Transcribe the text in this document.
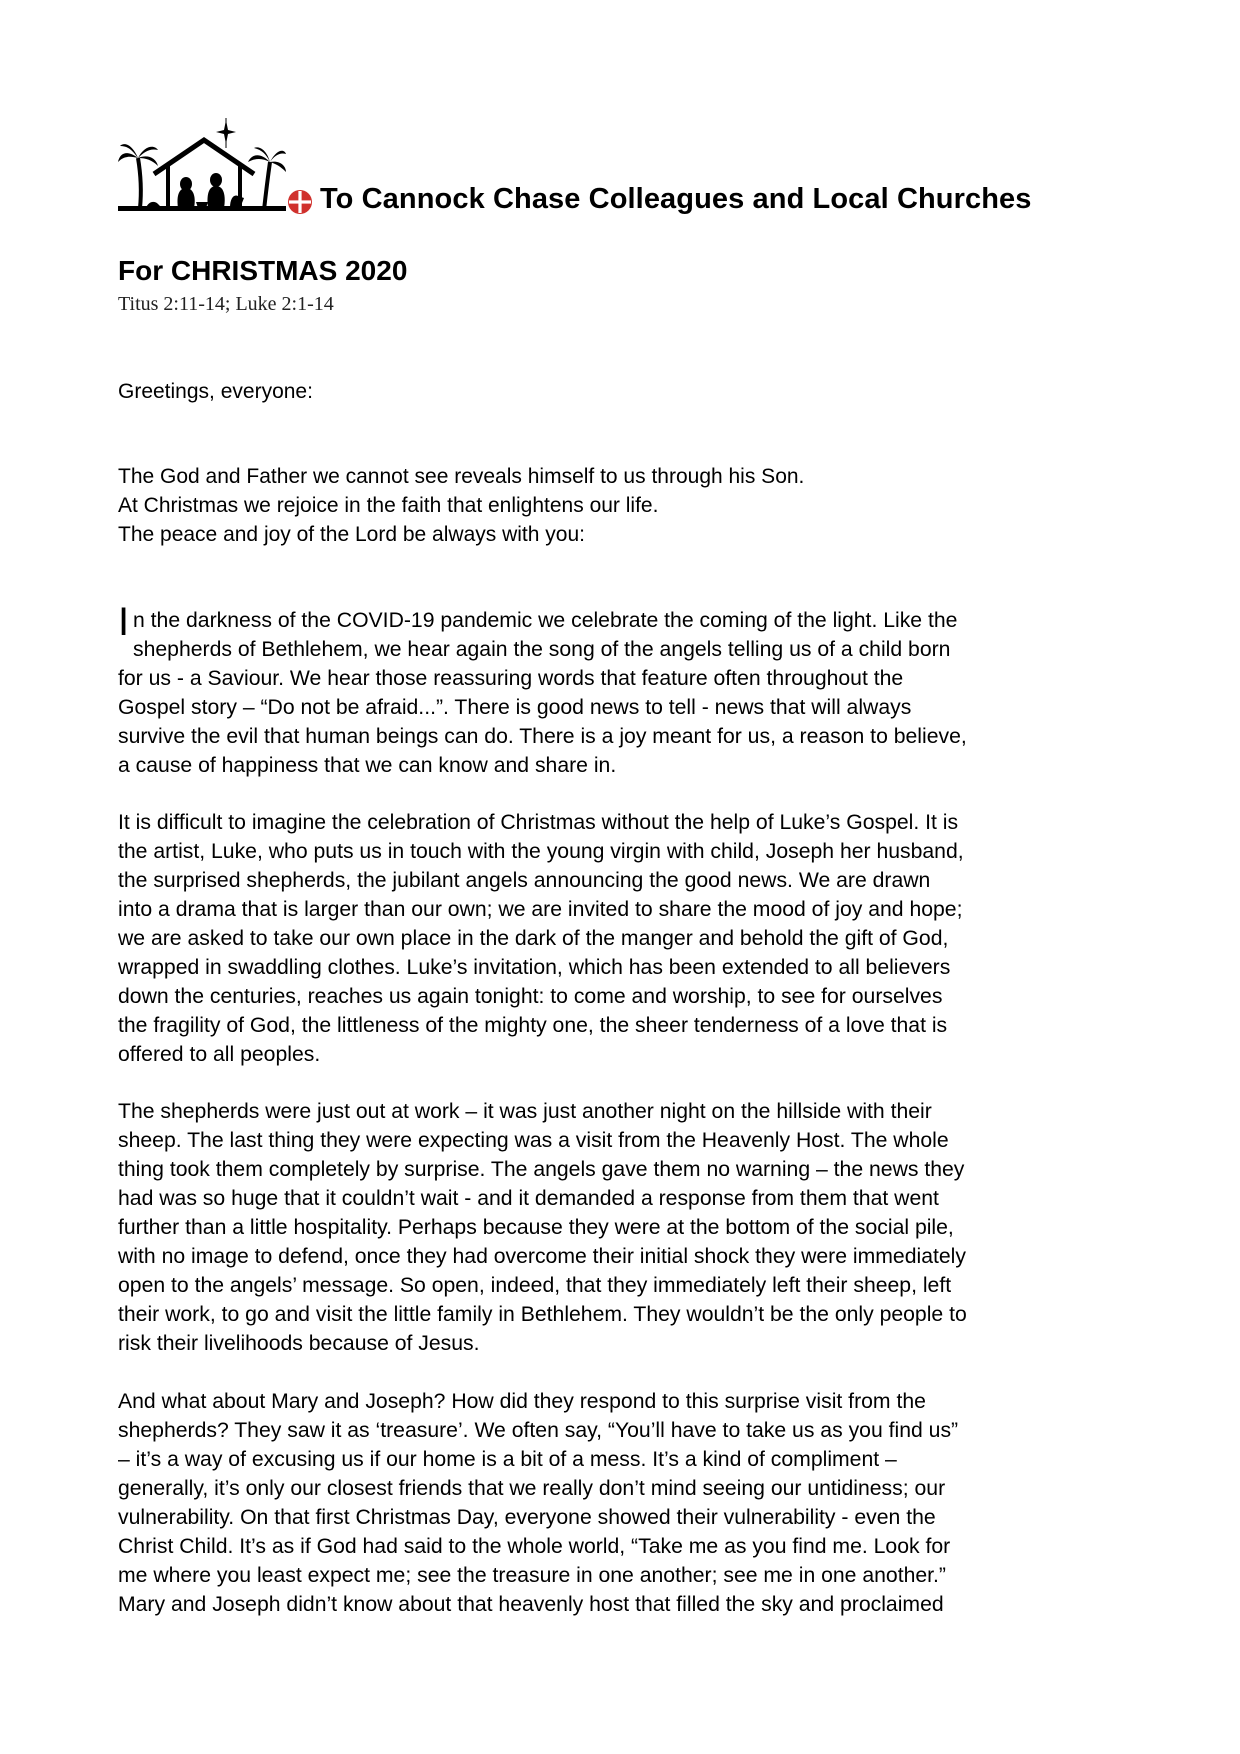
To Cannock Chase Colleagues and Local Churches
For CHRISTMAS 2020
Titus 2:11-14; Luke 2:1-14
Greetings, everyone:
The God and Father we cannot see reveals himself to us through his Son.
At Christmas we rejoice in the faith that enlightens our life.
The peace and joy of the Lord be always with you:
I n the darkness of the COVID-19 pandemic we celebrate the coming of the light. Like the
shepherds of Bethlehem, we hear again the song of the angels telling us of a child born
for us - a Saviour. We hear those reassuring words that feature often throughout the
Gospel story – “Do not be afraid...”. There is good news to tell - news that will always
survive the evil that human beings can do. There is a joy meant for us, a reason to believe,
a cause of happiness that we can know and share in.
It is difficult to imagine the celebration of Christmas without the help of Luke’s Gospel. It is
the artist, Luke, who puts us in touch with the young virgin with child, Joseph her husband,
the surprised shepherds, the jubilant angels announcing the good news. We are drawn
into a drama that is larger than our own; we are invited to share the mood of joy and hope;
we are asked to take our own place in the dark of the manger and behold the gift of God,
wrapped in swaddling clothes. Luke’s invitation, which has been extended to all believers
down the centuries, reaches us again tonight: to come and worship, to see for ourselves
the fragility of God, the littleness of the mighty one, the sheer tenderness of a love that is
offered to all peoples.
The shepherds were just out at work – it was just another night on the hillside with their
sheep. The last thing they were expecting was a visit from the Heavenly Host. The whole
thing took them completely by surprise. The angels gave them no warning – the news they
had was so huge that it couldn’t wait - and it demanded a response from them that went
further than a little hospitality. Perhaps because they were at the bottom of the social pile,
with no image to defend, once they had overcome their initial shock they were immediately
open to the angels’ message. So open, indeed, that they immediately left their sheep, left
their work, to go and visit the little family in Bethlehem. They wouldn’t be the only people to
risk their livelihoods because of Jesus.
And what about Mary and Joseph? How did they respond to this surprise visit from the
shepherds? They saw it as ‘treasure’. We often say, “You’ll have to take us as you find us”
– it’s a way of excusing us if our home is a bit of a mess. It’s a kind of compliment –
generally, it’s only our closest friends that we really don’t mind seeing our untidiness; our
vulnerability. On that first Christmas Day, everyone showed their vulnerability - even the
Christ Child. It’s as if God had said to the whole world, “Take me as you find me. Look for
me where you least expect me; see the treasure in one another; see me in one another.”
Mary and Joseph didn’t know about that heavenly host that filled the sky and proclaimed
